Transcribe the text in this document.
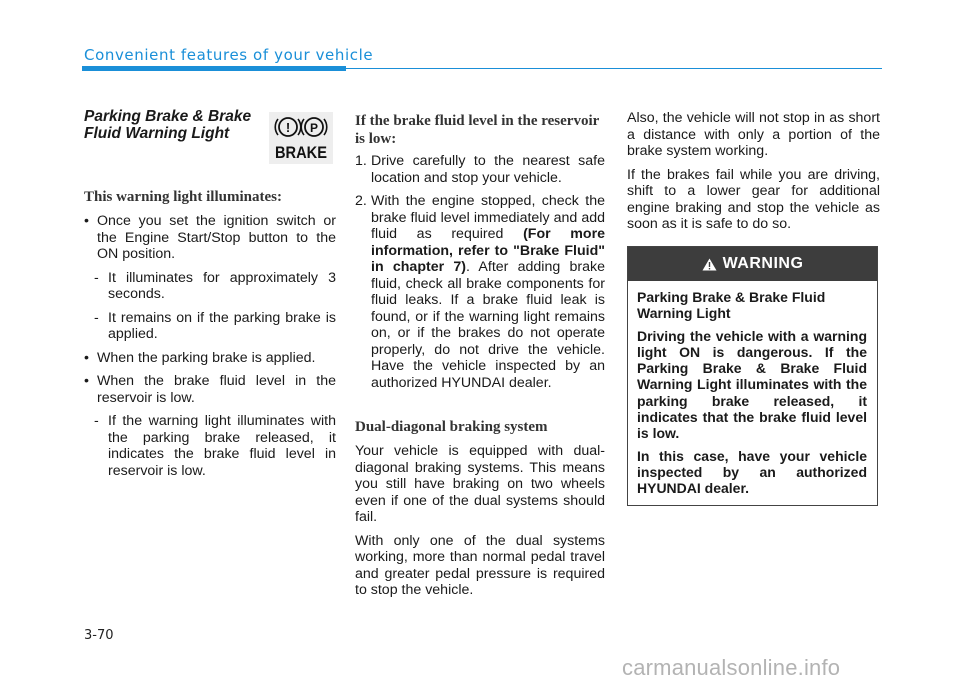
Convenient features of your vehicle

Parking Brake & Brake
Fluid Warning Light	! P
BRAKE

This warning light illuminates:

• Once you set the ignition switch or the Engine Start/Stop button to the ON position.

- It illuminates for approximately 3 seconds.

- It remains on if the parking brake is applied.

• When the parking brake is applied.

• When the brake fluid level in the reservoir is low.

- If the warning light illuminates with the parking brake released, it indicates the brake fluid level in reservoir is low.

If the brake fluid level in the reservoir is low:

1. Drive carefully to the nearest safe location and stop your vehicle.

2. With the engine stopped, check the brake fluid level immediately and add fluid as required (For more information, refer to "Brake Fluid" in chapter 7). After adding brake fluid, check all brake components for fluid leaks. If a brake fluid leak is found, or if the warning light remains on, or if the brakes do not operate properly, do not drive the vehicle. Have the vehicle inspected by an authorized HYUNDAI dealer.

Dual-diagonal braking system

Your vehicle is equipped with dual-diagonal braking systems. This means you still have braking on two wheels even if one of the dual systems should fail.

With only one of the dual systems working, more than normal pedal travel and greater pedal pressure is required to stop the vehicle.

Also, the vehicle will not stop in as short a distance with only a portion of the brake system working.

If the brakes fail while you are driving, shift to a lower gear for additional engine braking and stop the vehicle as soon as it is safe to do so.

WARNING

Parking Brake & Brake Fluid Warning Light

Driving the vehicle with a warning light ON is dangerous. If the Parking Brake & Brake Fluid Warning Light illuminates with the parking brake released, it indicates that the brake fluid level is low.

In this case, have your vehicle inspected by an authorized HYUNDAI dealer.

3-70
carmanualsonline.info
